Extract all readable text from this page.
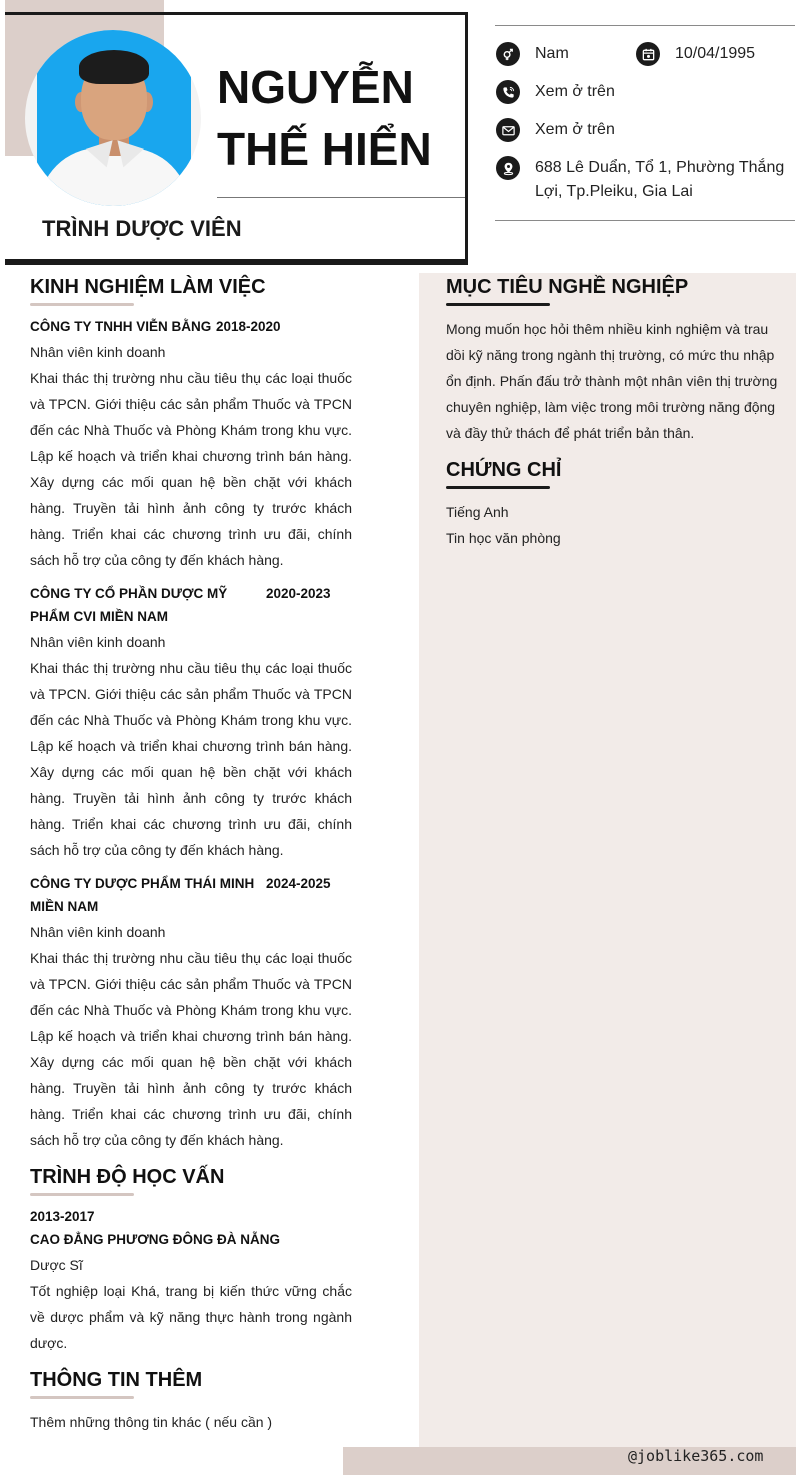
NGUYỄN
THẾ HIỂN
TRÌNH DƯỢC VIÊN
Nam	10/04/1995
Xem ở trên
Xem ở trên
688 Lê Duẩn, Tổ 1, Phường Thắng Lợi, Tp.Pleiku, Gia Lai
KINH NGHIỆM LÀM VIỆC
CÔNG TY TNHH VIỄN BẰNG 2018-2020
Nhân viên kinh doanh
Khai thác thị trường nhu cầu tiêu thụ các loại thuốc và TPCN. Giới thiệu các sản phẩm Thuốc và TPCN đến các Nhà Thuốc và Phòng Khám trong khu vực. Lập kế hoạch và triển khai chương trình bán hàng. Xây dựng các mối quan hệ bền chặt với khách hàng. Truyền tải hình ảnh công ty trước khách hàng. Triển khai các chương trình ưu đãi, chính sách hỗ trợ của công ty đến khách hàng.
CÔNG TY CỔ PHẦN DƯỢC MỸ PHẨM CVI MIỀN NAM
2020-2023
Nhân viên kinh doanh
Khai thác thị trường nhu cầu tiêu thụ các loại thuốc và TPCN. Giới thiệu các sản phẩm Thuốc và TPCN đến các Nhà Thuốc và Phòng Khám trong khu vực. Lập kế hoạch và triển khai chương trình bán hàng. Xây dựng các mối quan hệ bền chặt với khách hàng. Truyền tải hình ảnh công ty trước khách hàng. Triển khai các chương trình ưu đãi, chính sách hỗ trợ của công ty đến khách hàng.
CÔNG TY DƯỢC PHẨM THÁI MINH MIỀN NAM
2024-2025
Nhân viên kinh doanh
Khai thác thị trường nhu cầu tiêu thụ các loại thuốc và TPCN. Giới thiệu các sản phẩm Thuốc và TPCN đến các Nhà Thuốc và Phòng Khám trong khu vực. Lập kế hoạch và triển khai chương trình bán hàng. Xây dựng các mối quan hệ bền chặt với khách hàng. Truyền tải hình ảnh công ty trước khách hàng. Triển khai các chương trình ưu đãi, chính sách hỗ trợ của công ty đến khách hàng.
TRÌNH ĐỘ HỌC VẤN
2013-2017
CAO ĐẲNG PHƯƠNG ĐÔNG ĐÀ NẴNG
Dược Sĩ
Tốt nghiệp loại Khá, trang bị kiến thức vững chắc về dược phẩm và kỹ năng thực hành trong ngành dược.
THÔNG TIN THÊM
Thêm những thông tin khác ( nếu cần )
MỤC TIÊU NGHỀ NGHIỆP
Mong muốn học hỏi thêm nhiều kinh nghiệm và trau dồi kỹ năng trong ngành thị trường, có mức thu nhập ổn định. Phấn đấu trở thành một nhân viên thị trường chuyên nghiệp, làm việc trong môi trường năng động và đầy thử thách để phát triển bản thân.
CHỨNG CHỈ
Tiếng Anh
Tin học văn phòng
@joblike365.com
